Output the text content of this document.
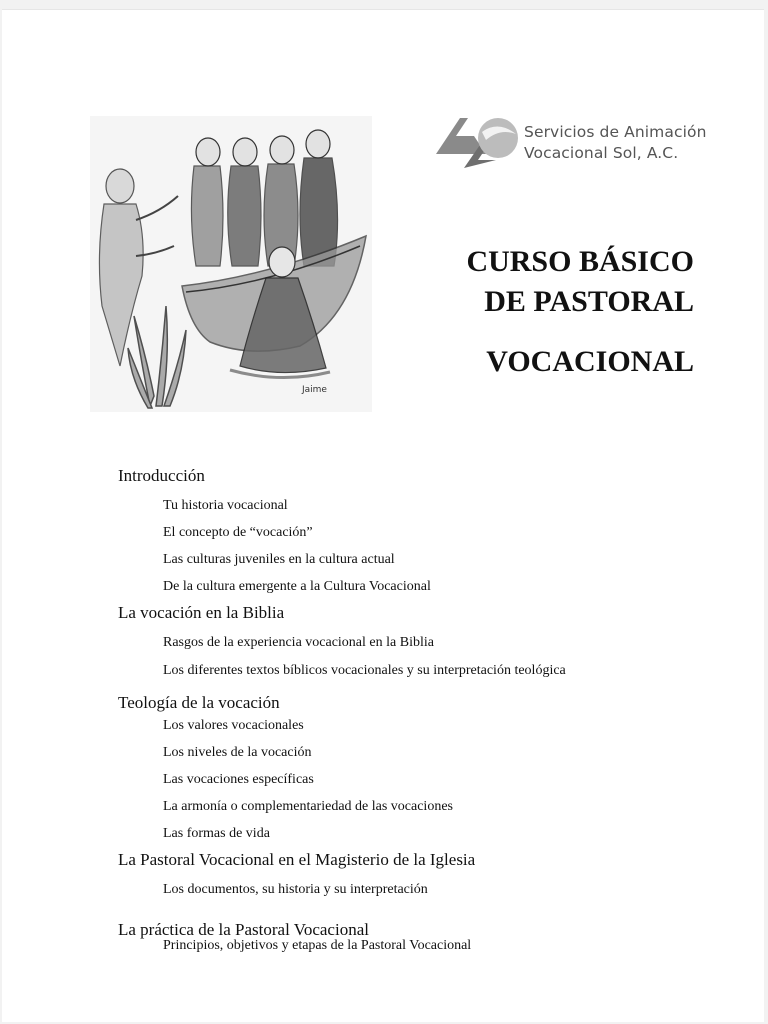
Jaime
Servicios de Animación
Vocacional Sol, A.C.
CURSO BÁSICO
DE PASTORAL
VOCACIONAL
Introducción
Tu historia vocacional
El concepto de “vocación”
Las culturas juveniles en la cultura actual
De la cultura emergente a la Cultura Vocacional
La vocación en la Biblia
Rasgos de la experiencia vocacional en la Biblia
Los diferentes textos bíblicos vocacionales y su interpretación teológica
Teología de la vocación
Los valores vocacionales
Los niveles de la vocación
Las vocaciones específicas
La armonía o complementariedad de las vocaciones
Las formas de vida
La Pastoral Vocacional en el Magisterio de la Iglesia
Los documentos, su historia y su interpretación
La práctica de la Pastoral Vocacional
Principios, objetivos y etapas de la Pastoral Vocacional
